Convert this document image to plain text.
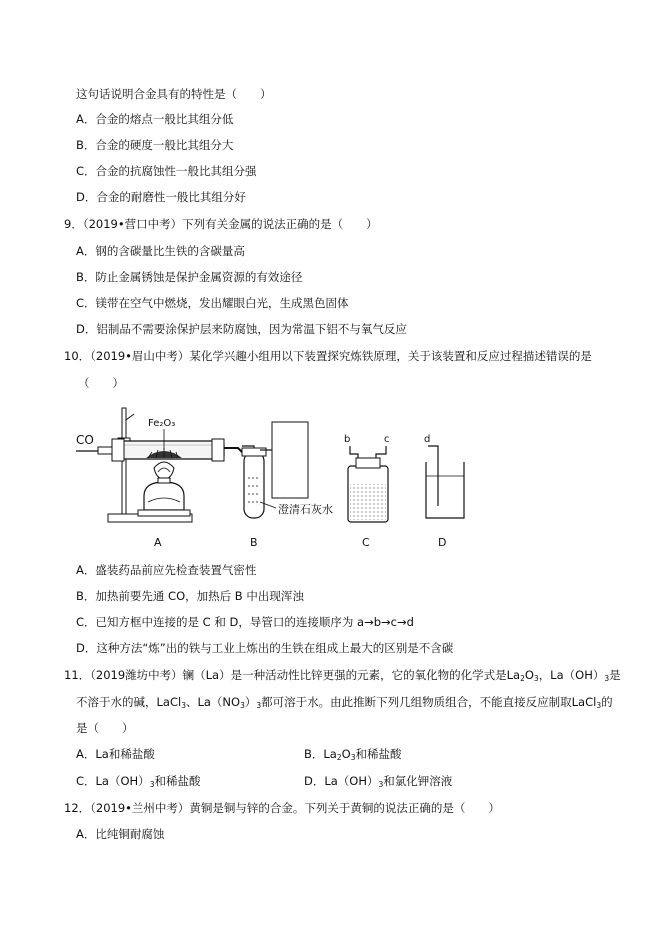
这句话说明合金具有的特性是（　　）
A．合金的熔点一般比其组分低
B．合金的硬度一般比其组分大
C．合金的抗腐蚀性一般比其组分强
D．合金的耐磨性一般比其组分好
9．（2019•营口中考）下列有关金属的说法正确的是（　　）
A．钢的含碳量比生铁的含碳量高
B．防止金属锈蚀是保护金属资源的有效途径
C．镁带在空气中燃烧，发出耀眼白光，生成黑色固体
D．铝制品不需要涂保护层来防腐蚀，因为常温下铝不与氧气反应
10．（2019•眉山中考）某化学兴趣小组用以下装置探究炼铁原理，关于该装置和反应过程描述错误的是
（　　）
CO
Fe₂O₃
澄清石灰水
b	c	d
A	B	C	D
A．盛装药品前应先检查装置气密性
B．加热前要先通 CO，加热后 B 中出现浑浊
C．已知方框中连接的是 C 和 D，导管口的连接顺序为 a→b→c→d
D．这种方法“炼”出的铁与工业上炼出的生铁在组成上最大的区别是不含碳
11．（2019潍坊中考）镧（La）是一种活动性比锌更强的元素，它的氧化物的化学式是$La_2O_3$，$La(OH)_3$是
不溶于水的碱，LaCl$_3$、$La(NO_3)_3$都可溶于水。由此推断下列几组物质组合，不能直接反应制取LaCl$_3$的
是（　　）
A．La和稀盐酸	B．$La_2O_3$和稀盐酸
C．$La(OH)_3$和稀盐酸	D．$La(OH)_3$和氯化钾溶液
12．（2019•兰州中考）黄铜是铜与锌的合金。下列关于黄铜的说法正确的是（　　）
A．比纯铜耐腐蚀
